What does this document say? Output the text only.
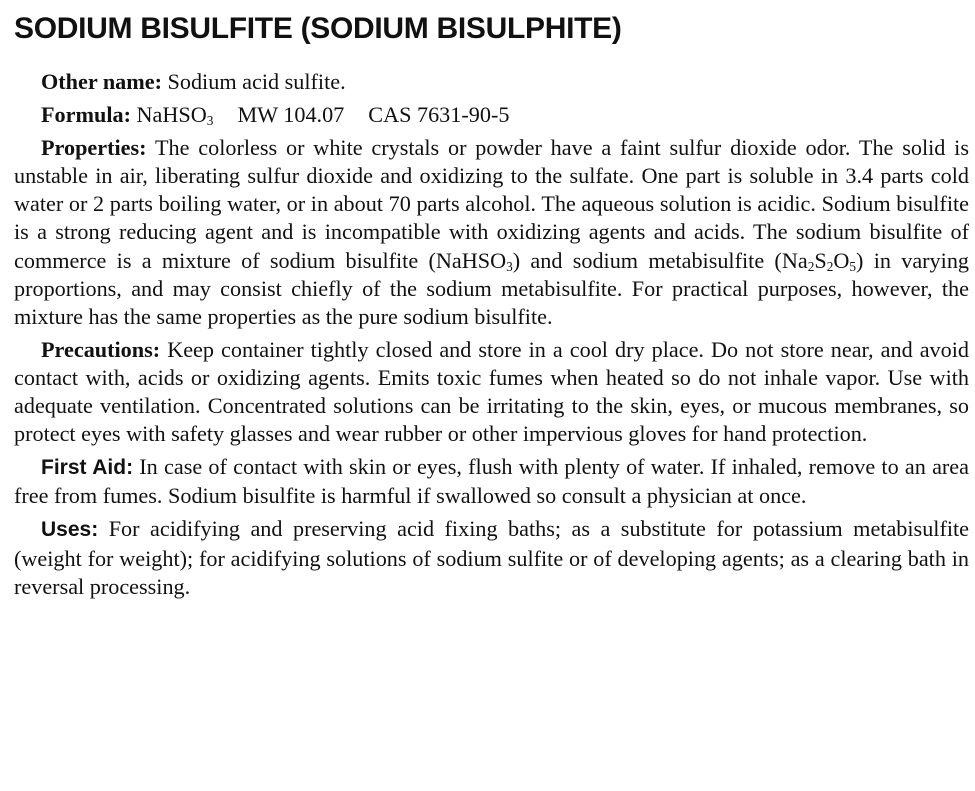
SODIUM BISULFITE (SODIUM BISULPHITE)

Other name: Sodium acid sulfite.

Formula: NaHSO$_3$ MW 104.07 CAS 7631-90-5

Properties: The colorless or white crystals or powder have a faint sulfur dioxide odor. The solid is unstable in air, liberating sulfur dioxide and oxidizing to the sulfate. One part is soluble in 3.4 parts cold water or 2 parts boiling water, or in about 70 parts alcohol. The aqueous solution is acidic. Sodium bisulfite is a strong reducing agent and is incompatible with oxidizing agents and acids. The sodium bisulfite of commerce is a mixture of sodium bisulfite (NaHSO$_3$) and sodium metabisulfite $(Na_2S_2O_5)$ in varying proportions, and may consist chiefly of the sodium metabisulfite. For practical purposes, however, the mixture has the same properties as the pure sodium bisulfite.

Precautions: Keep container tightly closed and store in a cool dry place. Do not store near, and avoid contact with, acids or oxidizing agents. Emits toxic fumes when heated so do not inhale vapor. Use with adequate ventilation. Concentrated solutions can be irritating to the skin, eyes, or mucous membranes, so protect eyes with safety glasses and wear rubber or other impervious gloves for hand protection.

First Aid: In case of contact with skin or eyes, flush with plenty of water. If inhaled, remove to an area free from fumes. Sodium bisulfite is harmful if swallowed so consult a physician at once.

Uses: For acidifying and preserving acid fixing baths; as a substitute for potassium metabisulfite (weight for weight); for acidifying solutions of sodium sulfite or of developing agents; as a clearing bath in reversal processing.
